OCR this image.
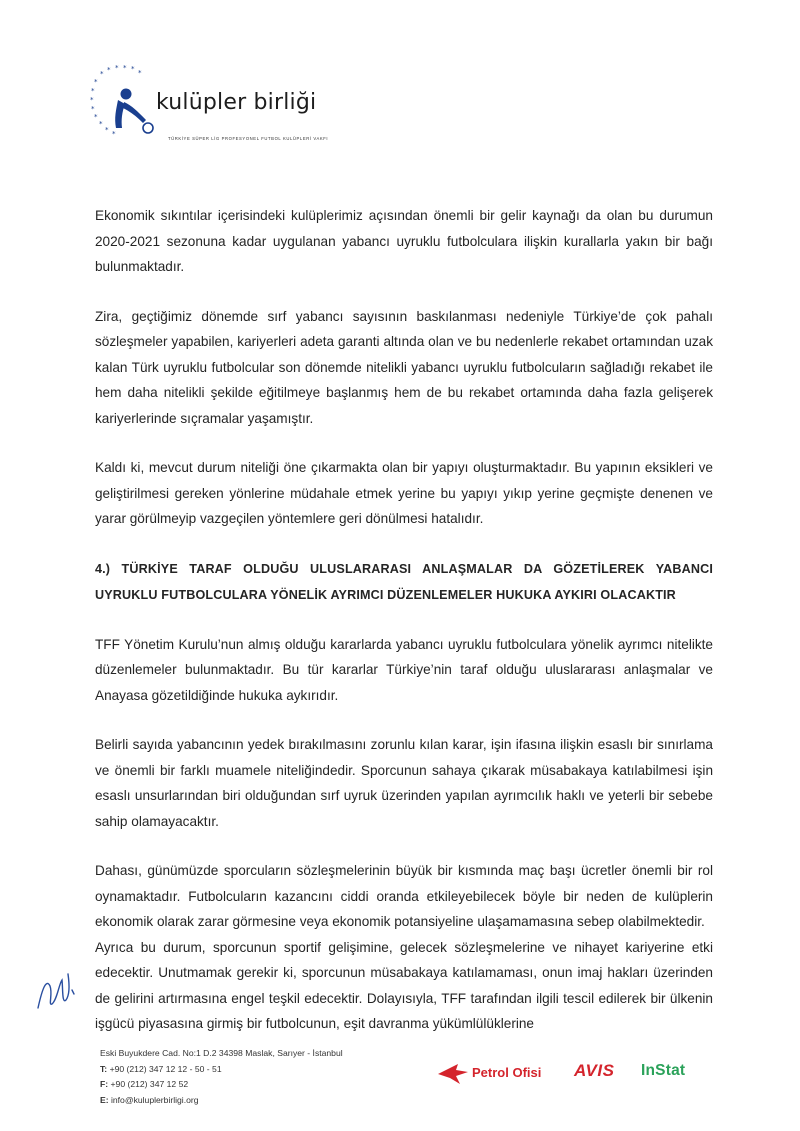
* * * * * *
*
*
*
*
*
*
* *
kulüpler birliği
TÜRKİYE SÜPER LİG PROFESYONEL FUTBOL KULÜPLERİ VAKFI

Ekonomik sıkıntılar içerisindeki kulüplerimiz açısından önemli bir gelir kaynağı da olan bu durumun 2020-2021 sezonuna kadar uygulanan yabancı uyruklu futbolculara ilişkin kurallarla yakın bir bağı bulunmaktadır.

Zira, geçtiğimiz dönemde sırf yabancı sayısının baskılanması nedeniyle Türkiye’de çok pahalı sözleşmeler yapabilen, kariyerleri adeta garanti altında olan ve bu nedenlerle rekabet ortamından uzak kalan Türk uyruklu futbolcular son dönemde nitelikli yabancı uyruklu futbolcuların sağladığı rekabet ile hem daha nitelikli şekilde eğitilmeye başlanmış hem de bu rekabet ortamında daha fazla gelişerek kariyerlerinde sıçramalar yaşamıştır.

Kaldı ki, mevcut durum niteliği öne çıkarmakta olan bir yapıyı oluşturmaktadır. Bu yapının eksikleri ve geliştirilmesi gereken yönlerine müdahale etmek yerine bu yapıyı yıkıp yerine geçmişte denenen ve yarar görülmeyip vazgeçilen yöntemlere geri dönülmesi hatalıdır.

4.) TÜRKİYE TARAF OLDUĞU ULUSLARARASI ANLAŞMALAR DA GÖZETİLEREK YABANCI UYRUKLU FUTBOLCULARA YÖNELİK AYRIMCI DÜZENLEMELER HUKUKA AYKIRI OLACAKTIR

TFF Yönetim Kurulu’nun almış olduğu kararlarda yabancı uyruklu futbolculara yönelik ayrımcı nitelikte düzenlemeler bulunmaktadır. Bu tür kararlar Türkiye’nin taraf olduğu uluslararası anlaşmalar ve Anayasa gözetildiğinde hukuka aykırıdır.

Belirli sayıda yabancının yedek bırakılmasını zorunlu kılan karar, işin ifasına ilişkin esaslı bir sınırlama ve önemli bir farklı muamele niteliğindedir. Sporcunun sahaya çıkarak müsabakaya katılabilmesi işin esaslı unsurlarından biri olduğundan sırf uyruk üzerinden yapılan ayrımcılık haklı ve yeterli bir sebebe sahip olamayacaktır.

Dahası, günümüzde sporcuların sözleşmelerinin büyük bir kısmında maç başı ücretler önemli bir rol oynamaktadır. Futbolcuların kazancını ciddi oranda etkileyebilecek böyle bir neden de kulüplerin ekonomik olarak zarar görmesine veya ekonomik potansiyeline ulaşamamasına sebep olabilmektedir.

Ayrıca bu durum, sporcunun sportif gelişimine, gelecek sözleşmelerine ve nihayet kariyerine etki edecektir. Unutmamak gerekir ki, sporcunun müsabakaya katılamaması, onun imaj hakları üzerinden de gelirini artırmasına engel teşkil edecektir. Dolayısıyla, TFF tarafından ilgili tescil edilerek bir ülkenin işgücü piyasasına girmiş bir futbolcunun, eşit davranma yükümlülüklerine

Eski Buyukdere Cad. No:1 D.2 34398 Maslak, Sarıyer - İstanbul
T: +90 (212) 347 12 12 - 50 - 51
F: +90 (212) 347 12 52
E: info@kuluplerbirligi.org
Petrol Ofisi AVIS InStat
